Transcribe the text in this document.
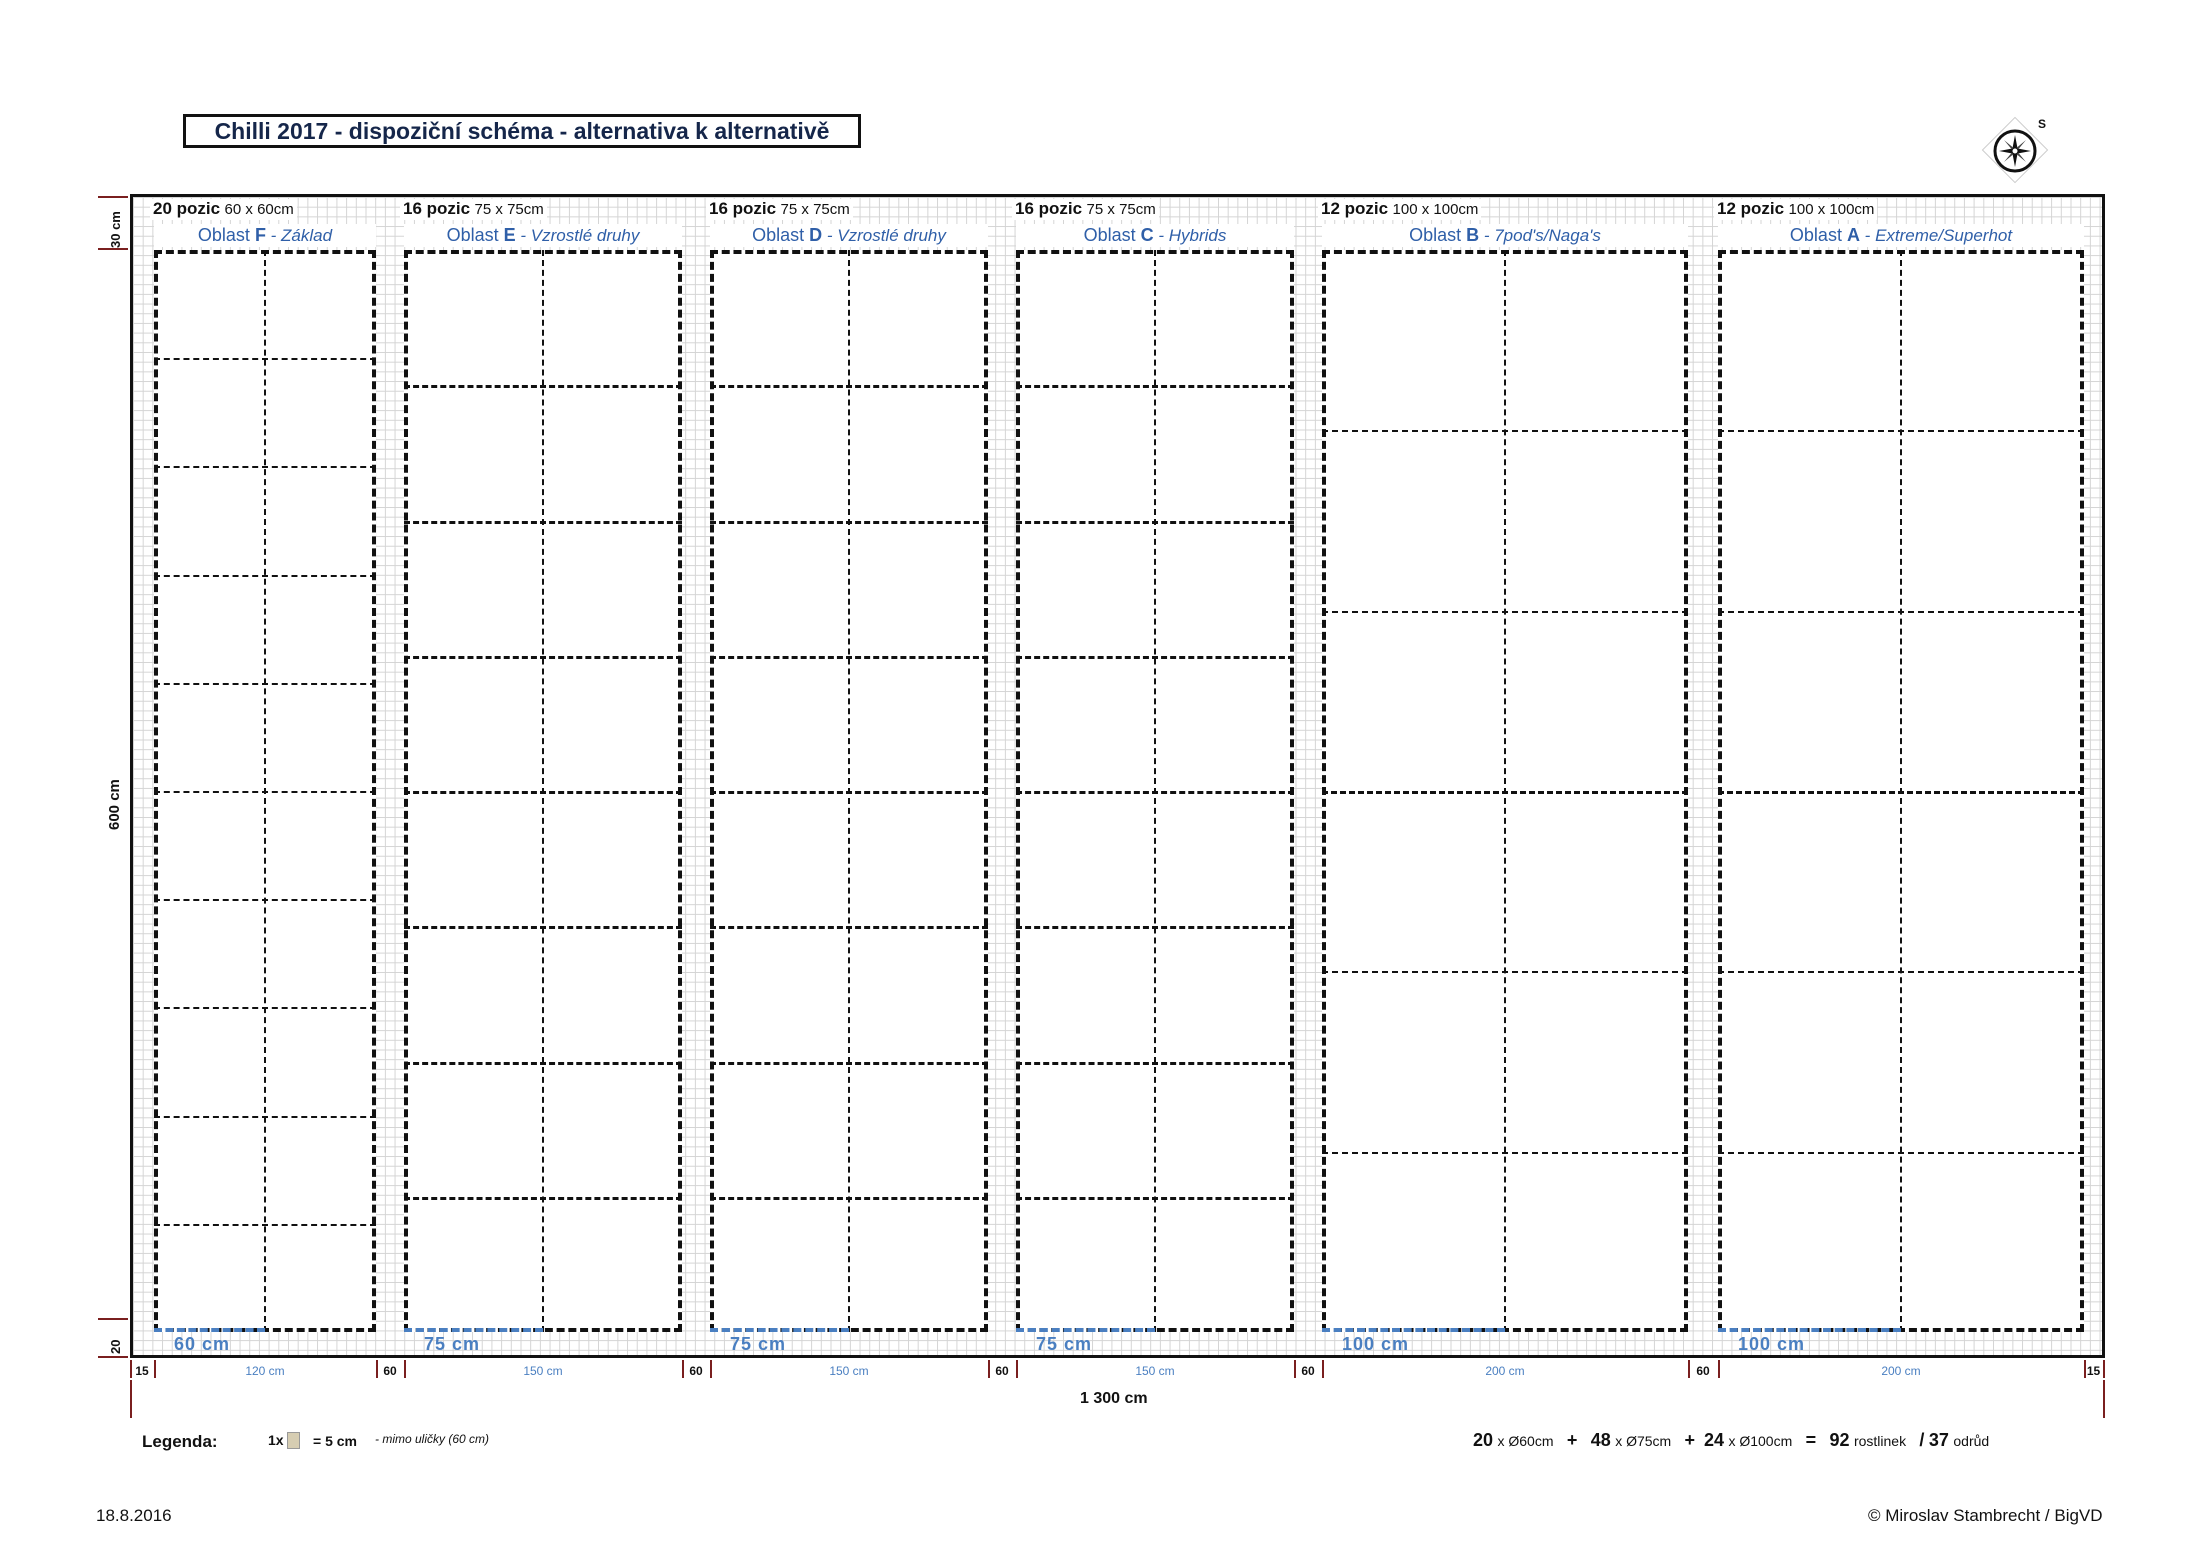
Chilli 2017 - dispoziční schéma - alternativa k alternativě	S
30 cm
600 cm
20
20 pozic 60 x 60cm
Oblast F - Základ
60 cm
16 pozic 75 x 75cm
Oblast E - Vzrostlé druhy
75 cm
16 pozic 75 x 75cm
Oblast D - Vzrostlé druhy
75 cm
16 pozic 75 x 75cm
Oblast C - Hybrids
75 cm
12 pozic 100 x 100cm
Oblast B - 7pod's/Naga's
100 cm
12 pozic 100 x 100cm
Oblast A - Extreme/Superhot
100 cm
15	120 cm	150 cm	150 cm	150 cm	200 cm	200 cm
60	60	60	60	60	15
1 300 cm
Legenda:	1x = 5 cm - mimo uličky (60 cm)	20 x Ø60cm + 48 x Ø75cm + 24 x Ø100cm = 92 rostlinek / 37 odrůd
18.8.2016	© Miroslav Stambrecht / BigVD
